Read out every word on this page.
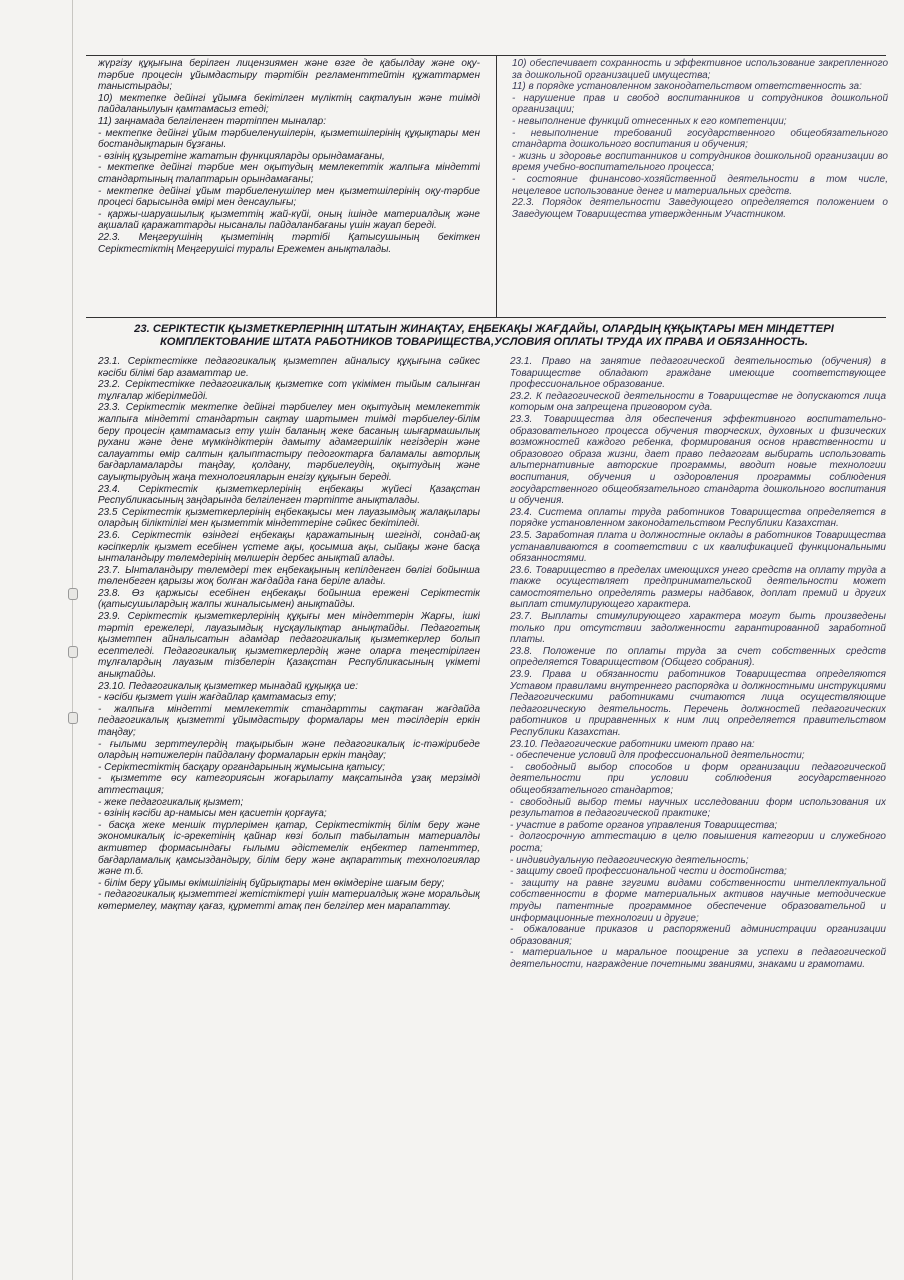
жүргізу құқығына берілген лицензиямен және өзге де қабылдау және оқу-тәрбие процесін ұйымдастыру тәртібін регламенттейтін құжаттармен таныстырады;

10) мектепке дейінгі ұйымға бекітілген мүліктің сақталуын және тиімді пайдаланылуын қамтамасыз етеді;

11) заңнамада белгіленген тәртіппен мыналар:

- мектепке дейінгі ұйым тәрбиеленушілерін, қызметшілерінің құқықтары мен бостандықтарын бұзғаны.

- өзінің құзыретіне жататын функцияларды орындамағаны,

- мектепке дейінгі тәрбие мен оқытудың мемлекеттік жалпыға міндетті стандартының талаптарын орындамағаны;

- мектепке дейінгі ұйым тәрбиеленушілер мен қызметшілерінің оқу-тәрбие процесі барысында өмірі мен денсаулығы;

- қаржы-шаруашылық қызметтің жай-күйі, оның ішінде материалдық және ақшалай қаражаттарды нысаналы пайдаланбағаны үшін жауап береді.

22.3. Меңгерушінің қызметінің тәртібі Қатысушының бекіткен Серіктестіктің Меңгерушісі туралы Ережемен анықталады.

10) обеспечивает сохранность и эффективное использование закрепленного за дошкольной организацией имущества;

11) в порядке установленном законодательством ответственность за:

- нарушение прав и свобод воспитанников и сотрудников дошкольной организации;

- невыполнение функций отнесенных к его компетенции;

- невыполнение требований государственного общеобязательного стандарта дошкольного воспитания и обучения;

- жизнь и здоровье воспитанников и сотрудников дошкольной организации во время учебно-воспитательного процесса;

- состояние финансово-хозяйственной деятельности в том числе, нецелевое использование денег и материальных средств.

22.3. Порядок деятельности Заведующего определяется положением о Заведующем Товарищества утвержденным Участником.

23. СЕРІКТЕСТІК ҚЫЗМЕТКЕРЛЕРІНІҢ ШТАТЫН ЖИНАҚТАУ, ЕҢБЕКАҚЫ ЖАҒДАЙЫ, ОЛАРДЫҢ ҚҰҚЫҚТАРЫ МЕН МІНДЕТТЕРІ

КОМПЛЕКТОВАНИЕ ШТАТА РАБОТНИКОВ ТОВАРИЩЕСТВА,УСЛОВИЯ ОПЛАТЫ ТРУДА ИХ ПРАВА И ОБЯЗАННОСТЬ.

23.1. Серіктестікке педагогикалық қызметпен айналысу құқығына сәйкес кәсіби білімі бар азаматтар ие.

23.2. Серіктестікке педагогикалық қызметке сот үкімімен тыйым салынған тұлғалар жіберілмейді.

23.3. Серіктестік мектепке дейінгі тәрбиелеу мен оқытудың мемлекеттік жалпыға міндетті стандартын сақтау шартымен тиімді тәрбиелеу-білім беру процесін қамтамасыз ету үшін баланың жеке басаның шығармашылық рухани және дене мүмкіндіктерін дамыту адамгершілік негіздерін және салауатты өмір салтын қалыптастыру педогоктарға баламалы авторлық бағдарламаларды таңдау, қолдану, тәрбиелеудің, оқытудың және сауықтырудың жаңа технологияларын енгізу құқығын береді.

23.4. Серіктестік қызметкерлерінің еңбекақы жүйесі Қазақстан Республикасының заңдарында белгіленген тәртіпте анықталады.

23.5 Серіктестік қызметкерлерінің еңбекақысы мен лауазымдық жалақылары олардың біліктілігі мен қызметтік міндеттеріне сәйкес бекітіледі.

23.6. Серіктестік өзіндегі еңбекақы қаражатының шегінді, сондай-ақ кәсіпкерлік қызмет есебінен үстеме ақы, қосымша ақы, сыйақы және басқа ынталандыру төлемдерінің мөлшерін дербес анықтай алады.

23.7. Ынталандыру төлемдері тек еңбекақының кепілденген бөлігі бойынша төленбеген қарызы жоқ болған жағдайда ғана беріле алады.

23.8. Өз қаржысы есебінен еңбекақы бойынша ережені Серіктестік (қатысушылардың жалпы жиналысымен) анықтайды.

23.9. Серіктестік қызметкерлерінің құқығы мен міндеттерін Жарғы, ішкі тәртіп ережелері, лауазымдық нұсқаулықтар анықтайды. Педагогтық қызметпен айналысатын адамдар педагогикалық қызметкерлер болып есептеледі. Педагогикалық қызметкерлердің және оларға теңестірілген тұлғалардың лауазым тізбелерін Қазақстан Республикасының үкіметі анықтайды.

23.10. Педагогикалық қызметкер мынадай құқыққа ие:

- кәсіби қызмет үшін жағдайлар қамтамасыз ету;

- жалпыға міндетті мемлекеттік стандартты сақтаған жағдайда педагогикалық қызметті ұйымдастыру формалары мен тәсілдерін еркін таңдау;

- ғылыми зерттеулердің тақырыбын және педагогикалық іс-тәжірибеде олардың нәтижелерін пайдалану формаларын еркін таңдау;

- Серіктестіктің басқару органдарының жұмысына қатысу;

- қызметте өсу категориясын жоғарылату мақсатында ұзақ мерзімді аттестация;

- жеке педагогикалық қызмет;

- өзінің кәсіби ар-намысы мен қасиетін қорғауға;

- басқа жеке меншік түрлерімен қатар, Серіктестіктің білім беру және экономикалық іс-әрекетінің қайнар көзі болып табылатын материалды активтер формасындағы ғылыми әдістемелік еңбектер патенттер, бағдарламалық қамсыздандыру, білім беру және ақпараттық технологиялар және т.б.

- білім беру ұйымы өкімшілігінің бұйрықтары мен өкімдеріне шағым беру;

- педагогикалық қызметтегі жетістіктері үшін материалдық және моральдық көтермелеу, мақтау қағаз, құрметті атақ пен белгілер мен марапаттау.

23.1. Право на занятие педагогической деятельностью (обучения) в Товариществе обладают граждане имеющие соответствующее профессиональное образование.

23.2. К педагогической деятельности в Товариществе не допускаются лица которым она запрещена приговором суда.

23.3. Товарищества для обеспечения эффективного воспитательно-образовательного процесса обучения творческих, духовных и физических возможностей каждого ребенка, формирования основ нравственности и образового образа жизни, дает право педагогам выбирать использовать альтернативные авторские программы, вводит новые технологии воспитания, обучения и оздоровления программы соблюдения государственного общеобязательного стандарта дошкольного воспитания и обучения.

23.4. Система оплаты труда работников Товарищества определяется в порядке установленном законодательством Республики Казахстан.

23.5. Заработная плата и должностные оклады в работников Товарищества устанавливаются в соответствии с их квалификацией функциональными обязанностями.

23.6. Товарищество в пределах имеющихся унего средств на оплату труда а также осуществляет предпринимательской деятельности может самостоятельно определять размеры надбавок, доплат премий и других выплат стимулирующего характера.

23.7. Выплаты стимулирующего характера могут быть произведены только при отсутствии задолженности гарантированной заработной платы.

23.8. Положение по оплаты труда за счет собственных средств определяется Товариществом (Общего собрания).

23.9. Права и обязанности работников Товарищества определяются Уставом правилами внутреннего распорядка и должностными инструкциями Педагогическими работниками считаются лица осуществляющие педагогическую деятельность. Перечень должностей педагогических работников и приравненных к ним лиц определяется правительством Республики Казахстан.

23.10. Педагогические работники имеют право на:

- обеспечение условий для профессиональной деятельности;

- свободный выбор способов и форм организации педагогической деятельности при условии соблюдения государственного общеобязательного стандартов;

- свободный выбор темы научных исследовании форм использования их результатов в педагогической практике;

- участие в работе органов управления Товарищества;

- долгосрочную аттестацию в целю повышения категории и служебного роста;

- индивидуальную педагогическую деятельность;

- защиту своей профессиональной чести и достойнства;

- защиту на равне згугими видами собственности интеллектуальной собственности в форме материальных активов научные методические труды патентные программное обеспечение образовательной и информационные технологии и другие;

- обжалование приказов и распоряжений администрации организации образования;

- материальное и маральное поощрение за успехи в педагогической деятельности, награждение почетными званиями, знаками и грамотами.
